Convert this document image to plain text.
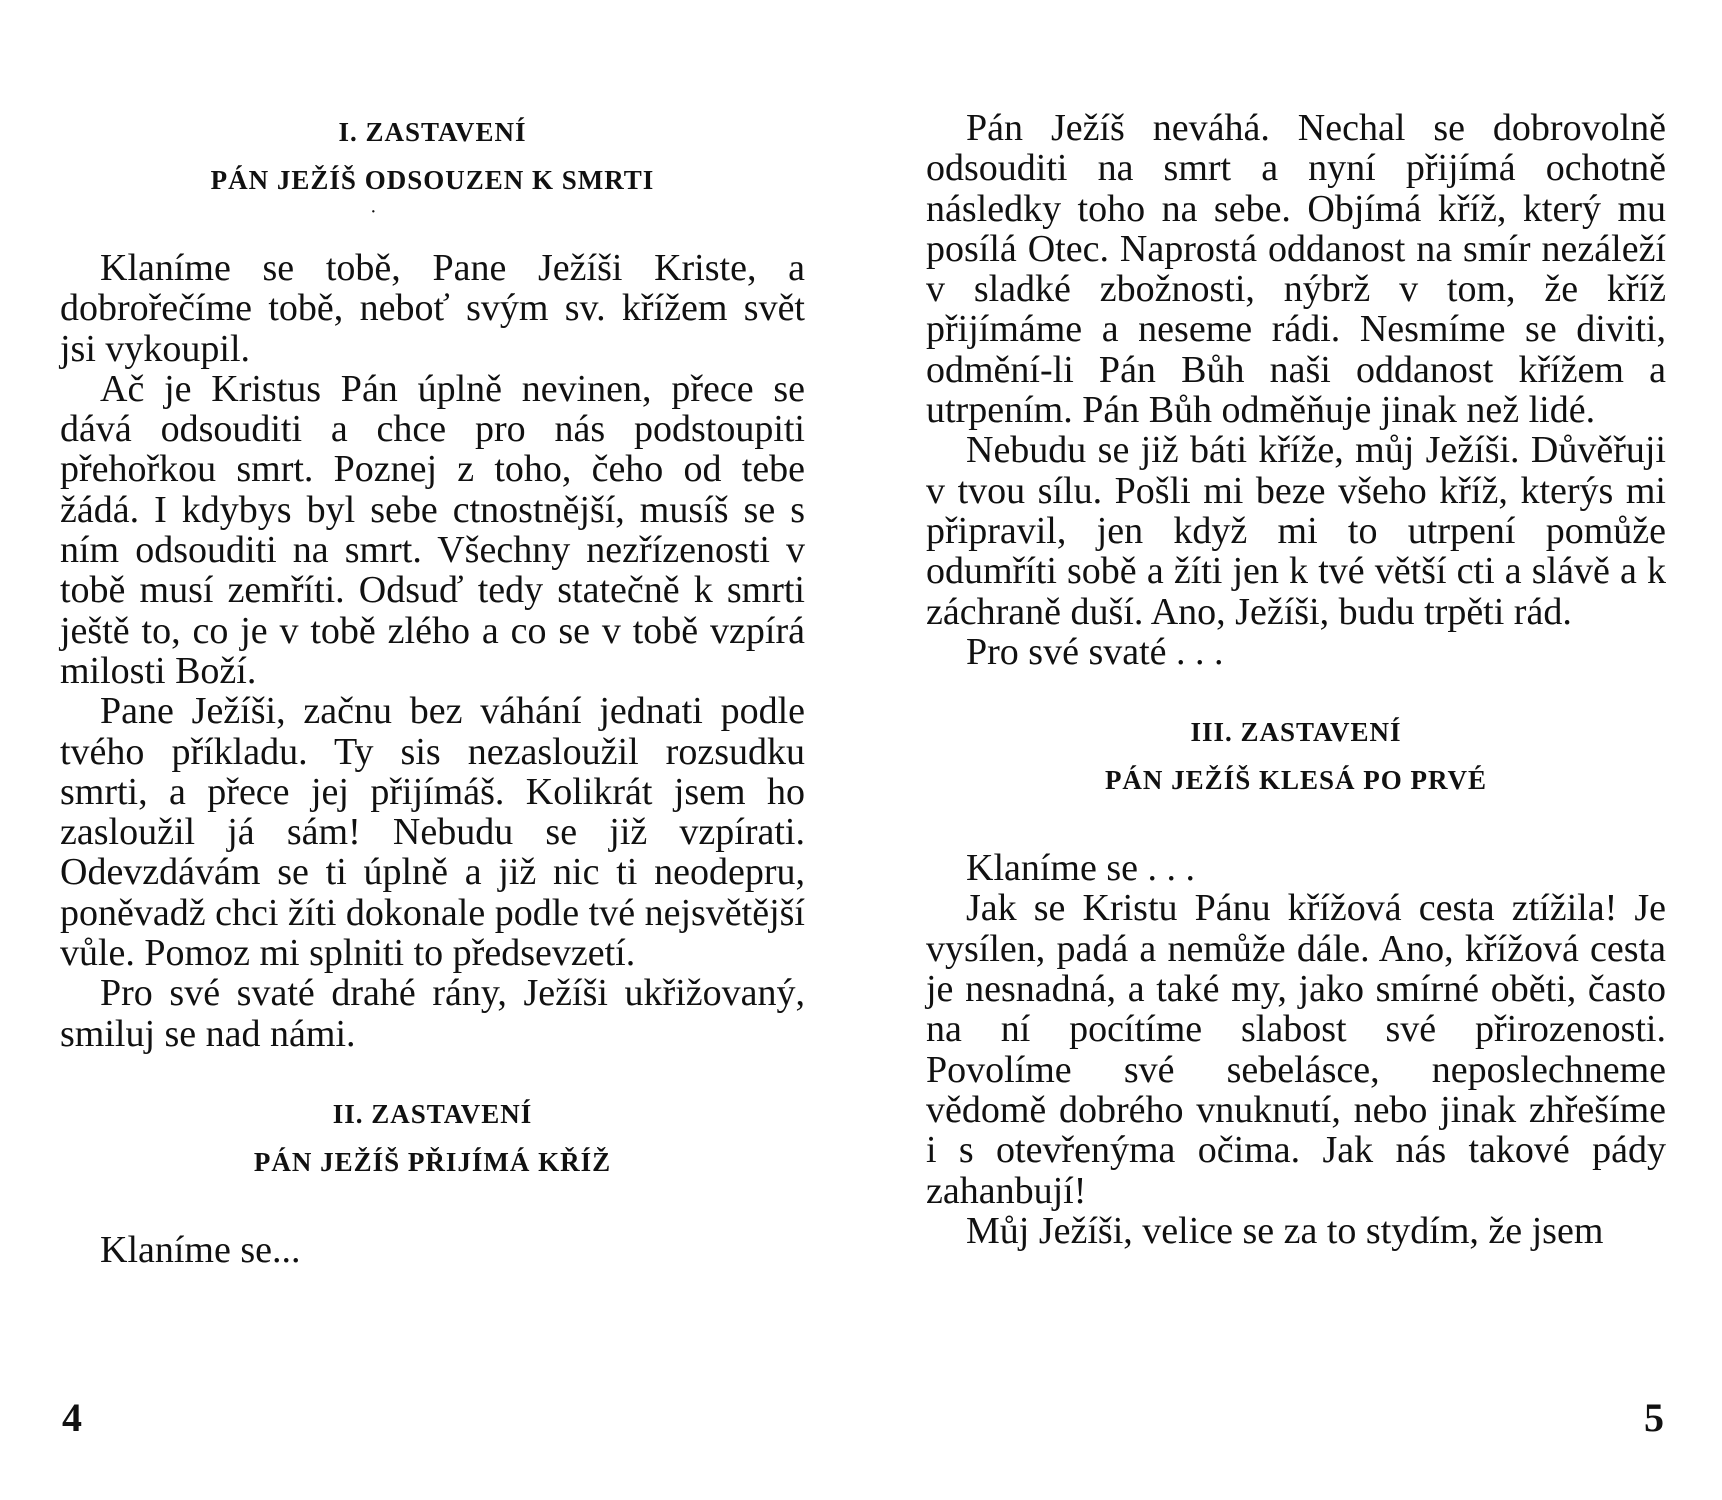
I. ZASTAVENÍ
PÁN JEŽÍŠ ODSOUZEN K SMRTI

Klaníme se tobě, Pane Ježíši Kriste, a dobrořečíme tobě, neboť svým sv. křížem svět jsi vykoupil.

Ač je Kristus Pán úplně nevinen, přece se dává odsouditi a chce pro nás podstoupiti přehořkou smrt. Poznej z toho, čeho od tebe žádá. I kdybys byl sebe ctnostnější, musíš se s ním odsouditi na smrt. Všechny nezřízenosti v tobě musí zemříti. Odsuď tedy statečně k smrti ještě to, co je v tobě zlého a co se v tobě vzpírá milosti Boží.

Pane Ježíši, začnu bez váhání jednati podle tvého příkladu. Ty sis nezasloužil rozsudku smrti, a přece jej přijímáš. Kolikrát jsem ho zasloužil já sám! Nebudu se již vzpírati. Odevzdávám se ti úplně a již nic ti neodepru, poněvadž chci žíti dokonale podle tvé nejsvětější vůle. Pomoz mi splniti to předsevzetí.

Pro své svaté drahé rány, Ježíši ukřižovaný, smiluj se nad námi.

II. ZASTAVENÍ
PÁN JEŽÍŠ PŘIJÍMÁ KŘÍŽ

Klaníme se...

·
4

Pán Ježíš neváhá. Nechal se dobrovolně odsouditi na smrt a nyní přijímá ochotně následky toho na sebe. Objímá kříž, který mu posílá Otec. Naprostá oddanost na smír nezáleží v sladké zbožnosti, nýbrž v tom, že kříž přijímáme a neseme rádi. Nesmíme se diviti, odmění-li Pán Bůh naši oddanost křížem a utrpením. Pán Bůh odměňuje jinak než lidé.

Nebudu se již báti kříže, můj Ježíši. Důvěřuji v tvou sílu. Pošli mi beze všeho kříž, kterýs mi připravil, jen když mi to utrpení pomůže odumříti sobě a žíti jen k tvé větší cti a slávě a k záchraně duší. Ano, Ježíši, budu trpěti rád.

Pro své svaté . . .

III. ZASTAVENÍ
PÁN JEŽÍŠ KLESÁ PO PRVÉ

Klaníme se . . .

Jak se Kristu Pánu křížová cesta ztížila! Je vysílen, padá a nemůže dále. Ano, křížová cesta je nesnadná, a také my, jako smírné oběti, často na ní pocítíme slabost své přirozenosti. Povolíme své sebelásce, neposlechneme vědomě dobrého vnuknutí, nebo jinak zhřešíme i s otevřenýma očima. Jak nás takové pády zahanbují!

Můj Ježíši, velice se za to stydím, že jsem

5
